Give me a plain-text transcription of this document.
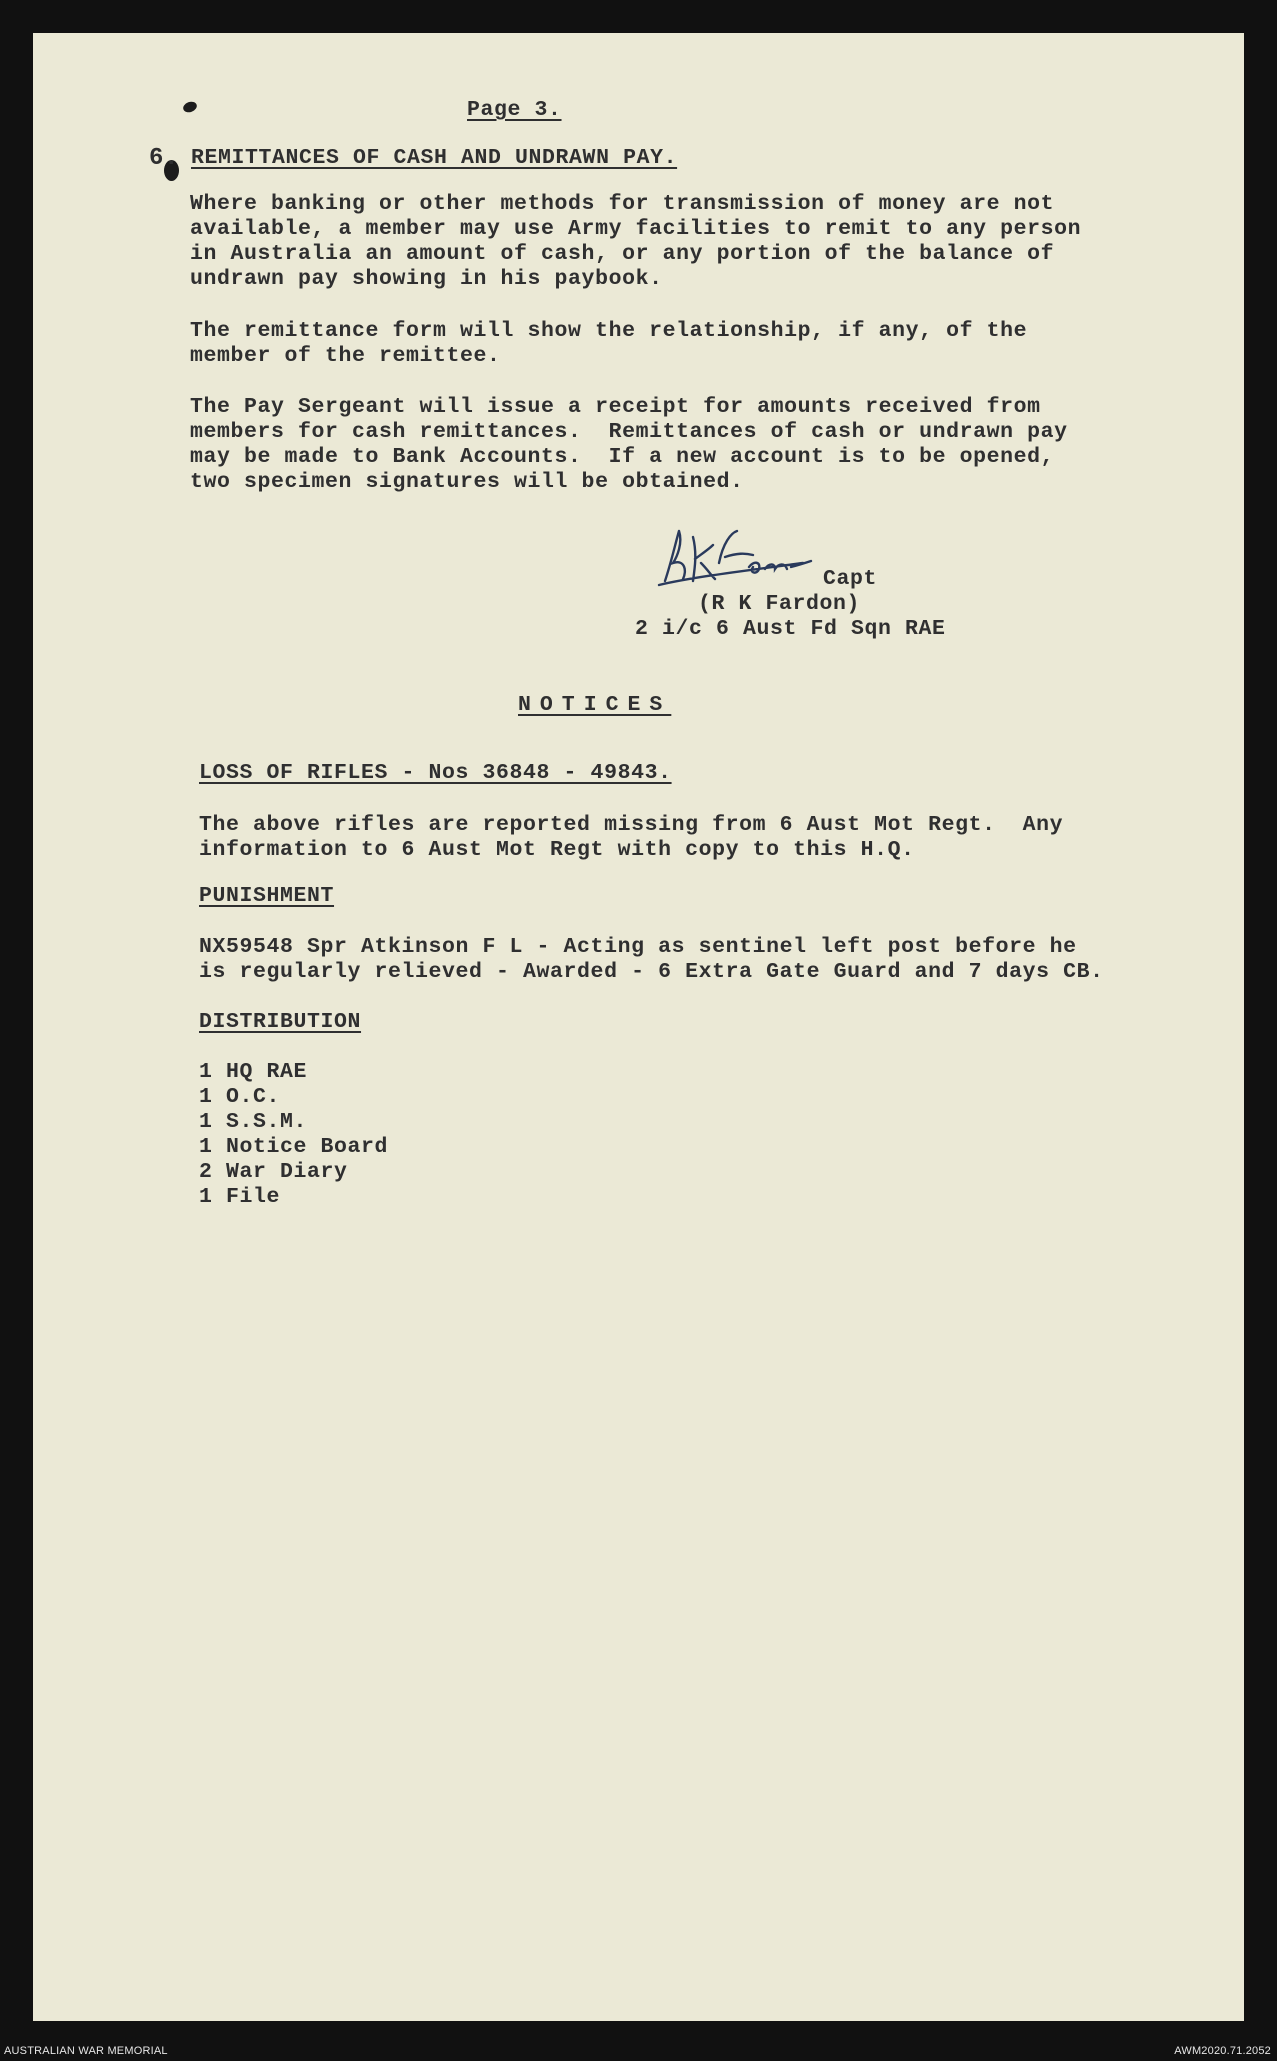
Page 3.
6. REMITTANCES OF CASH AND UNDRAWN PAY.
Where banking or other methods for transmission of money are not
available, a member may use Army facilities to remit to any person
in Australia an amount of cash, or any portion of the balance of
undrawn pay showing in his paybook.
The remittance form will show the relationship, if any, of the
member of the remittee.
The Pay Sergeant will issue a receipt for amounts received from
members for cash remittances.  Remittances of cash or undrawn pay
may be made to Bank Accounts.  If a new account is to be opened,
two specimen signatures will be obtained.
Capt
(R K Fardon)
2 i/c 6 Aust Fd Sqn RAE
NOTICES
LOSS OF RIFLES - Nos 36848 - 49843.
The above rifles are reported missing from 6 Aust Mot Regt.  Any
information to 6 Aust Mot Regt with copy to this H.Q.
PUNISHMENT
NX59548 Spr Atkinson F L - Acting as sentinel left post before he
is regularly relieved - Awarded - 6 Extra Gate Guard and 7 days CB.
DISTRIBUTION
1 HQ RAE
1 O.C.
1 S.S.M.
1 Notice Board
2 War Diary
1 File
AUSTRALIAN WAR MEMORIAL	AWM2020.71.2052
